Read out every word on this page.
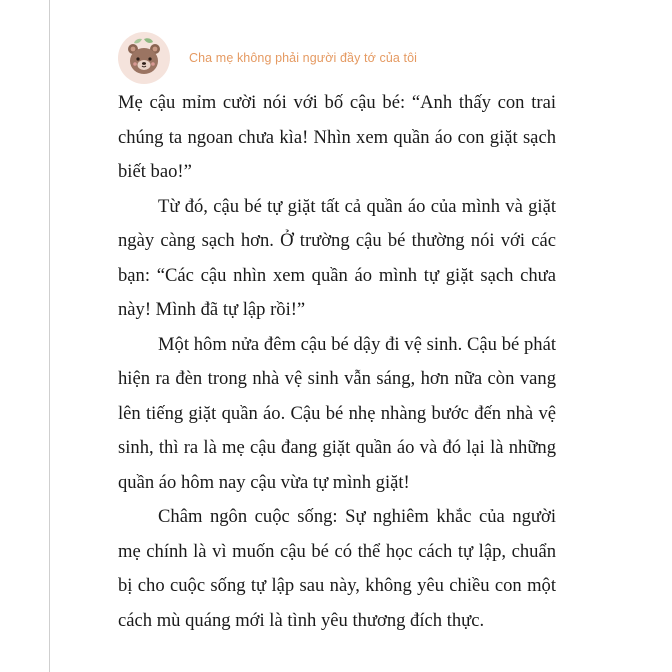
Cha mẹ không phải người đầy tớ của tôi

Mẹ cậu mỉm cười nói với bố cậu bé: “Anh thấy con trai chúng ta ngoan chưa kìa! Nhìn xem quần áo con giặt sạch biết bao!”

Từ đó, cậu bé tự giặt tất cả quần áo của mình và giặt ngày càng sạch hơn. Ở trường cậu bé thường nói với các bạn: “Các cậu nhìn xem quần áo mình tự giặt sạch chưa này! Mình đã tự lập rồi!”

Một hôm nửa đêm cậu bé dậy đi vệ sinh. Cậu bé phát hiện ra đèn trong nhà vệ sinh vẫn sáng, hơn nữa còn vang lên tiếng giặt quần áo. Cậu bé nhẹ nhàng bước đến nhà vệ sinh, thì ra là mẹ cậu đang giặt quần áo và đó lại là những quần áo hôm nay cậu vừa tự mình giặt!

Châm ngôn cuộc sống: Sự nghiêm khắc của người mẹ chính là vì muốn cậu bé có thể học cách tự lập, chuẩn bị cho cuộc sống tự lập sau này, không yêu chiều con một cách mù quáng mới là tình yêu thương đích thực.
